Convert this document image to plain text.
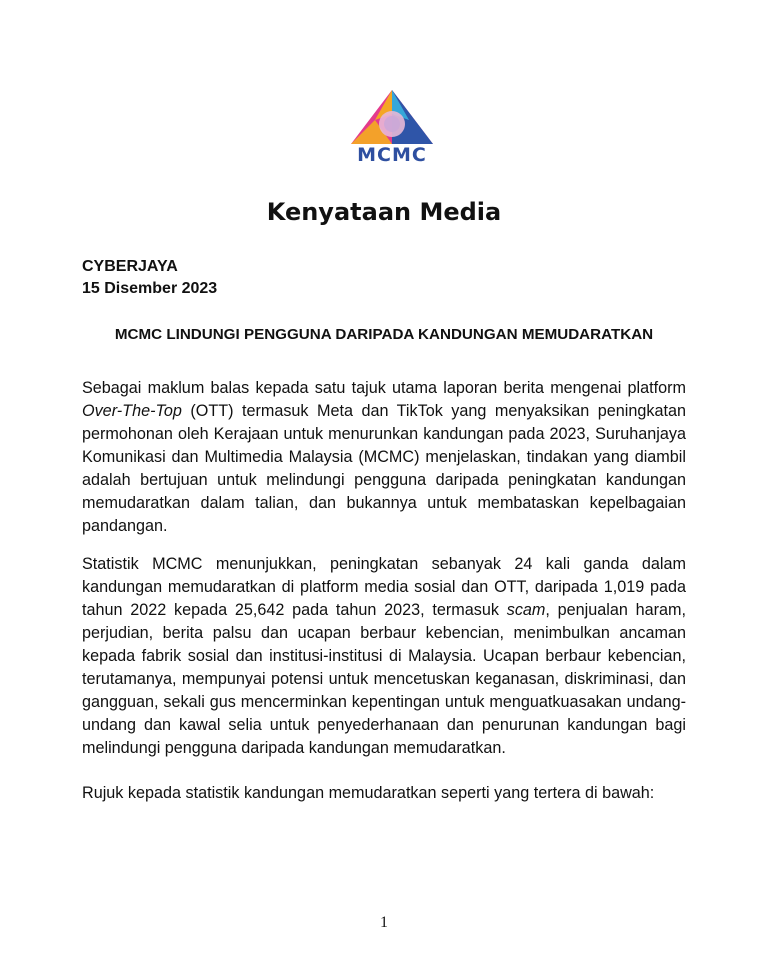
MCMC
Kenyataan Media
CYBERJAYA
15 Disember 2023
MCMC LINDUNGI PENGGUNA DARIPADA KANDUNGAN MEMUDARATKAN

Sebagai maklum balas kepada satu tajuk utama laporan berita mengenai platform Over-The-Top (OTT) termasuk Meta dan TikTok yang menyaksikan peningkatan permohonan oleh Kerajaan untuk menurunkan kandungan pada 2023, Suruhanjaya Komunikasi dan Multimedia Malaysia (MCMC) menjelaskan, tindakan yang diambil adalah bertujuan untuk melindungi pengguna daripada peningkatan kandungan memudaratkan dalam talian, dan bukannya untuk membataskan kepelbagaian pandangan.

Statistik MCMC menunjukkan, peningkatan sebanyak 24 kali ganda dalam kandungan memudaratkan di platform media sosial dan OTT, daripada 1,019 pada tahun 2022 kepada 25,642 pada tahun 2023, termasuk scam, penjualan haram, perjudian, berita palsu dan ucapan berbaur kebencian, menimbulkan ancaman kepada fabrik sosial dan institusi-institusi di Malaysia. Ucapan berbaur kebencian, terutamanya, mempunyai potensi untuk mencetuskan keganasan, diskriminasi, dan gangguan, sekali gus mencerminkan kepentingan untuk menguatkuasakan undang-undang dan kawal selia untuk penyederhanaan dan penurunan kandungan bagi melindungi pengguna daripada kandungan memudaratkan.

Rujuk kepada statistik kandungan memudaratkan seperti yang tertera di bawah:

1
